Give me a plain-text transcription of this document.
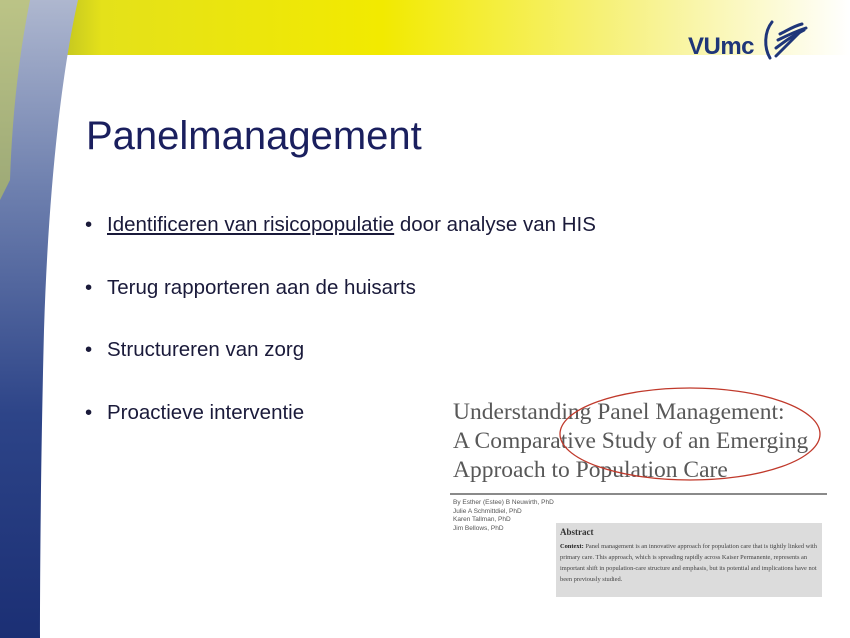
VUmc
Panelmanagement
• Identificeren van risicopopulatie door analyse van HIS
• Terug rapporteren aan de huisarts
• Structureren van zorg
• Proactieve interventie	Understanding Panel Management:
A Comparative Study of an Emerging
Approach to Population Care
By Esther (Estee) B Neuwirth, PhD
Julie A Schmittdiel, PhD
Karen Tallman, PhD
Jim Bellows, PhD	Abstract
Context: Panel management is an innovative approach for population care that is tightly linked with primary care. This approach, which is spreading rapidly across Kaiser Permanente, represents an important shift in population-care structure and emphasis, but its potential and implications have not been previously studied.
